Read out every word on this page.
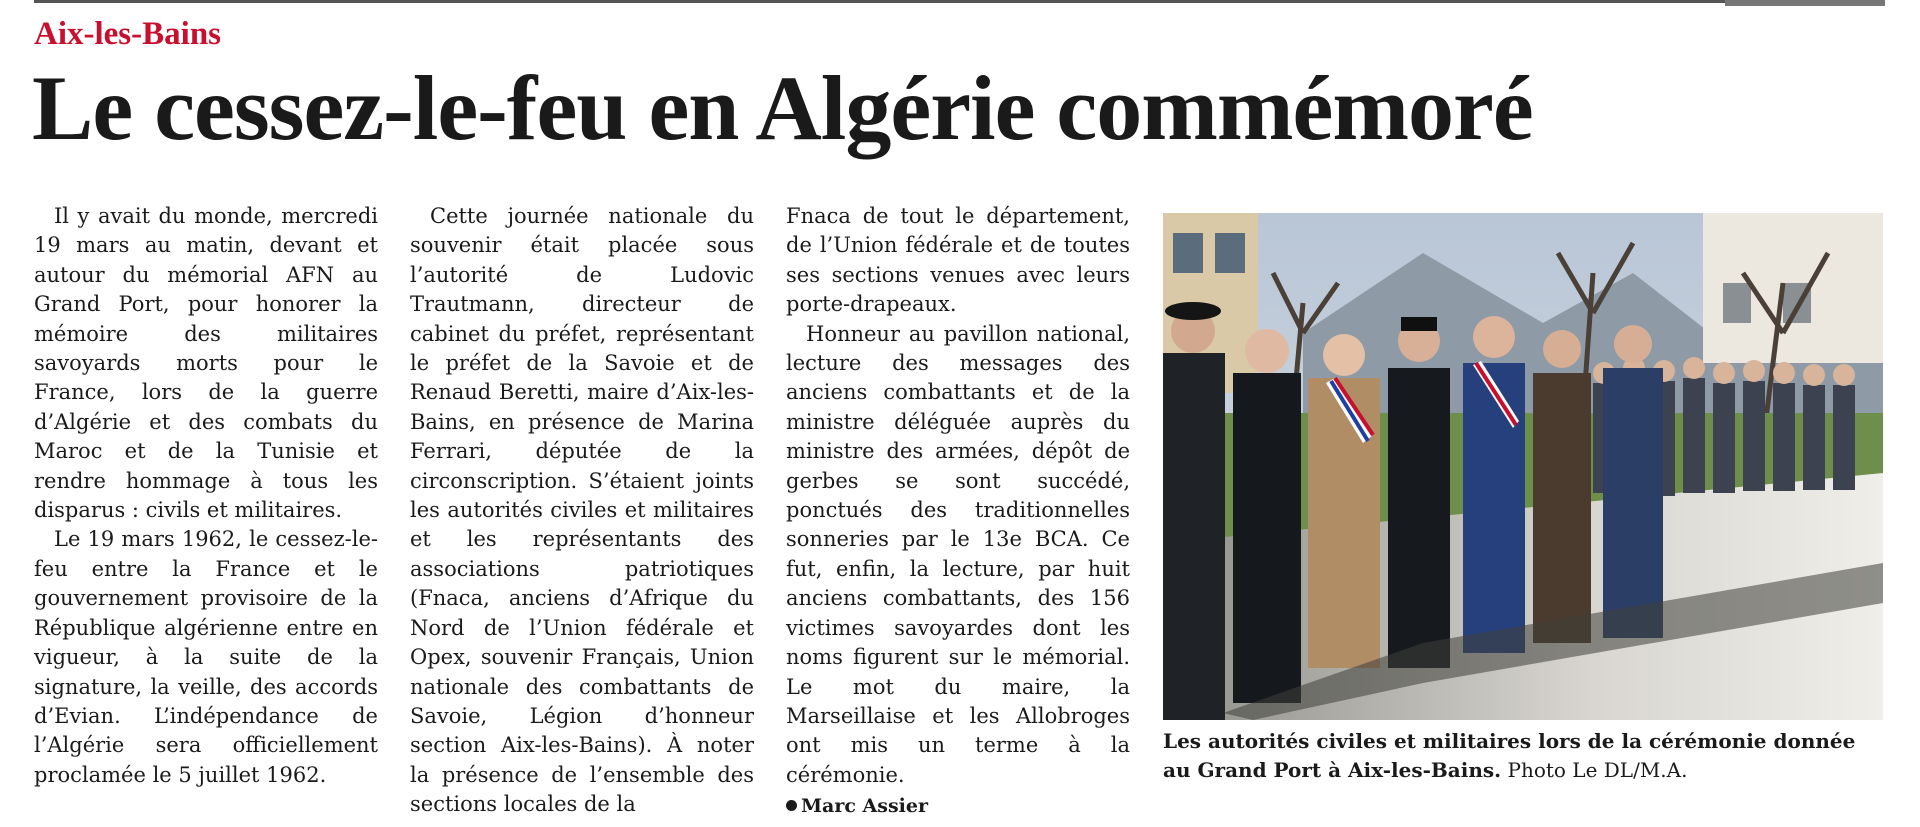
Aix-les-Bains
Le cessez-le-feu en Algérie commémoré

Il y avait du monde, mercredi 19 mars au matin, devant et autour du mémorial AFN au Grand Port, pour honorer la mémoire des militaires savoyards morts pour le France, lors de la guerre d’Algérie et des combats du Maroc et de la Tunisie et rendre hommage à tous les disparus : civils et militaires.

Le 19 mars 1962, le cessez-le-feu entre la France et le gouvernement provisoire de la République algérienne entre en vigueur, à la suite de la signature, la veille, des accords d’Evian. L’indépendance de l’Algérie sera officiellement proclamée le 5 juillet 1962.

Cette journée nationale du souvenir était placée sous l’autorité de Ludovic Trautmann, directeur de cabinet du préfet, représentant le préfet de la Savoie et de Renaud Beretti, maire d’Aix-les-Bains, en présence de Marina Ferrari, députée de la circonscription. S’étaient joints les autorités civiles et militaires et les représentants des associations patriotiques (Fnaca, anciens d’Afrique du Nord de l’Union fédérale et Opex, souvenir Français, Union nationale des combattants de Savoie, Légion d’honneur section Aix-les-Bains). À noter la présence de l’ensemble des sections locales de la

Fnaca de tout le département, de l’Union fédérale et de toutes ses sections venues avec leurs porte-drapeaux.

Honneur au pavillon national, lecture des messages des anciens combattants et de la ministre déléguée auprès du ministre des armées, dépôt de gerbes se sont succédé, ponctués des traditionnelles sonneries par le 13e BCA. Ce fut, enfin, la lecture, par huit anciens combattants, des 156 victimes savoyardes dont les noms figurent sur le mémorial. Le mot du maire, la Marseillaise et les Allobroges ont mis un terme à la cérémonie.

Marc Assier
Les autorités civiles et militaires lors de la cérémonie donnée au Grand Port à Aix-les-Bains. Photo Le DL/M.A.
